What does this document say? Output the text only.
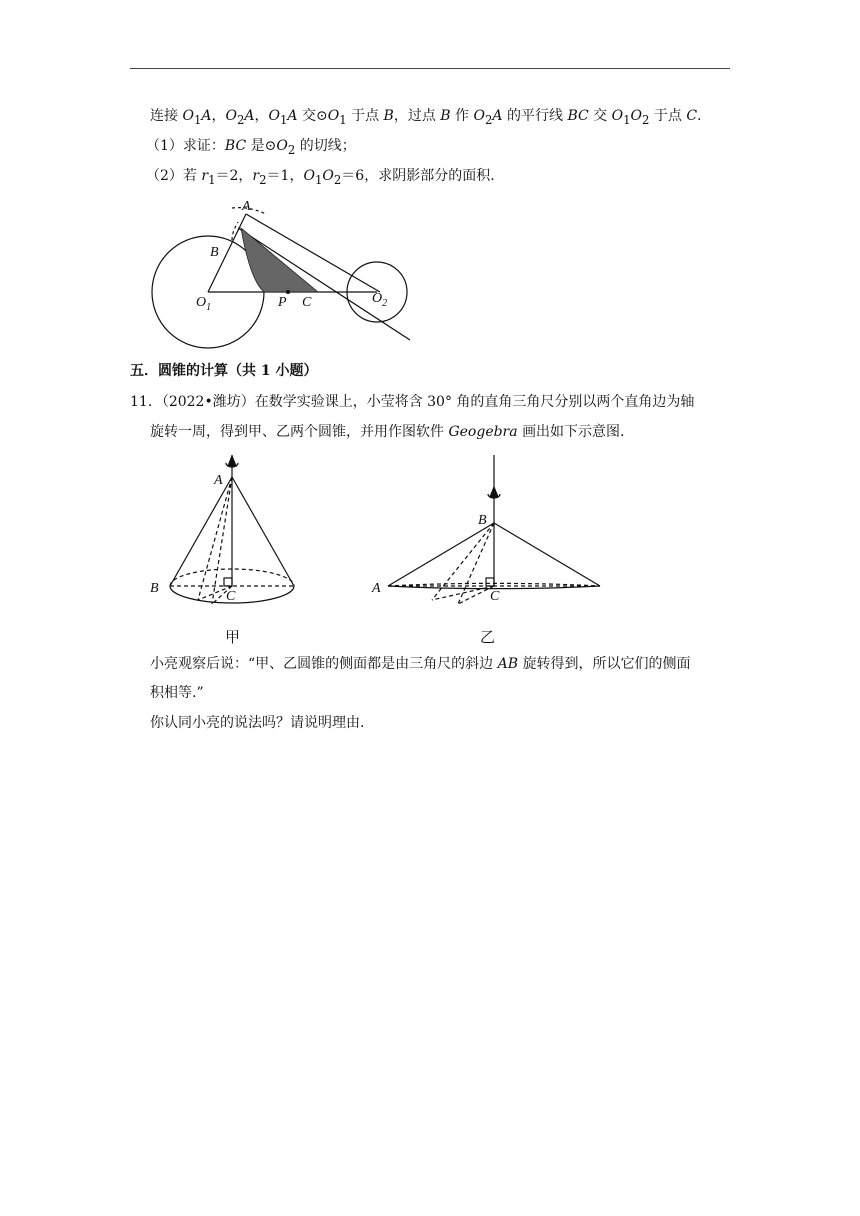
连接 $O_1A$，$O_2A$，$O_1A$ 交$⊙O_1$ 于点 B，过点 B 作 $O_2A$ 的平行线 BC 交 $O_1O_2$ 于点 C.
（1）求证：BC 是$⊙O_2$ 的切线；
（2）若 $r_1=2$，$r_2=1$，$O_1O_2=6$，求阴影部分的面积.
A
B
$O_1$	P C	$O_2$
五．圆锥的计算（共 1 小题）
11．（2022•潍坊）在数学实验课上，小莹将含 30° 角的直角三角尺分别以两个直角边为轴
旋转一周，得到甲、乙两个圆锥，并用作图软件 Geogebra 画出如下示意图.
A
B
C
甲
B
A
C
乙
小亮观察后说：“甲、乙圆锥的侧面都是由三角尺的斜边 AB 旋转得到，所以它们的侧面
积相等.”
你认同小亮的说法吗？请说明理由.
